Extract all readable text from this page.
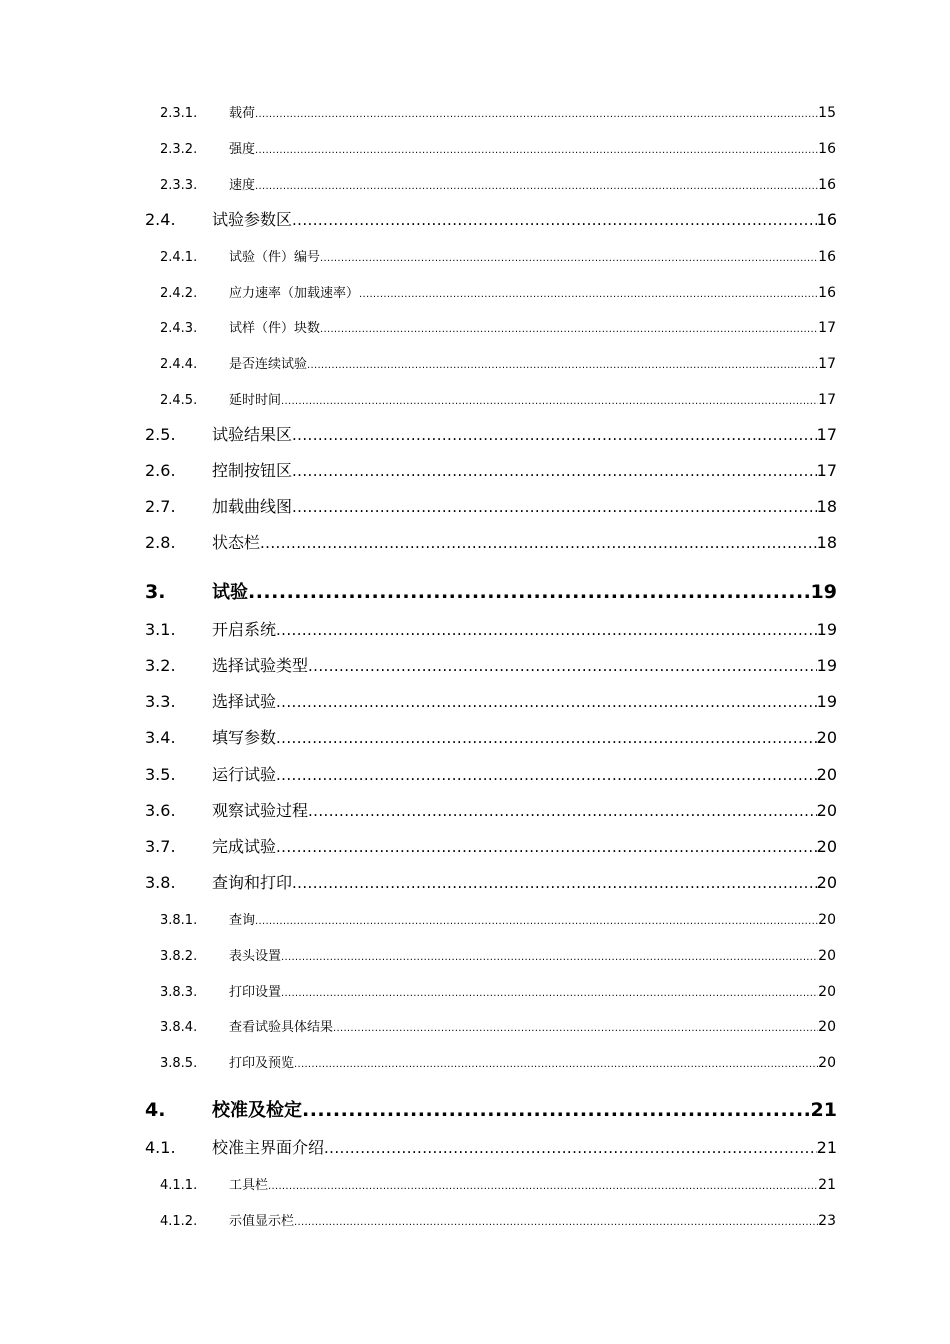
2.3.1.	载荷 .....	15
2.3.2.	强度 .....	16
2.3.3.	速度 .....	16
2.4.	试验参数区 .....	16
2.4.1.	试验（件）编号 .....	16
2.4.2.	应力速率（加载速率） .....	16
2.4.3.	试样（件）块数 .....	17
2.4.4.	是否连续试验 .....	17
2.4.5.	延时时间 .....	17
2.5.	试验结果区 .....	17
2.6.	控制按钮区 .....	17
2.7.	加载曲线图 .....	18
2.8.	状态栏 .....	18
3.	试验 .....	19
3.1.	开启系统 .....	19
3.2.	选择试验类型 .....	19
3.3.	选择试验 .....	19
3.4.	填写参数 .....	20
3.5.	运行试验 .....	20
3.6.	观察试验过程 .....	20
3.7.	完成试验 .....	20
3.8.	查询和打印 .....	20
3.8.1.	查询 .....	20
3.8.2.	表头设置 .....	20
3.8.3.	打印设置 .....	20
3.8.4.	查看试验具体结果 .....	20
3.8.5.	打印及预览 .....	20
4.	校准及检定 .....	21
4.1.	校准主界面介绍 .....	21
4.1.1.	工具栏 .....	21
4.1.2.	示值显示栏 .....	23
